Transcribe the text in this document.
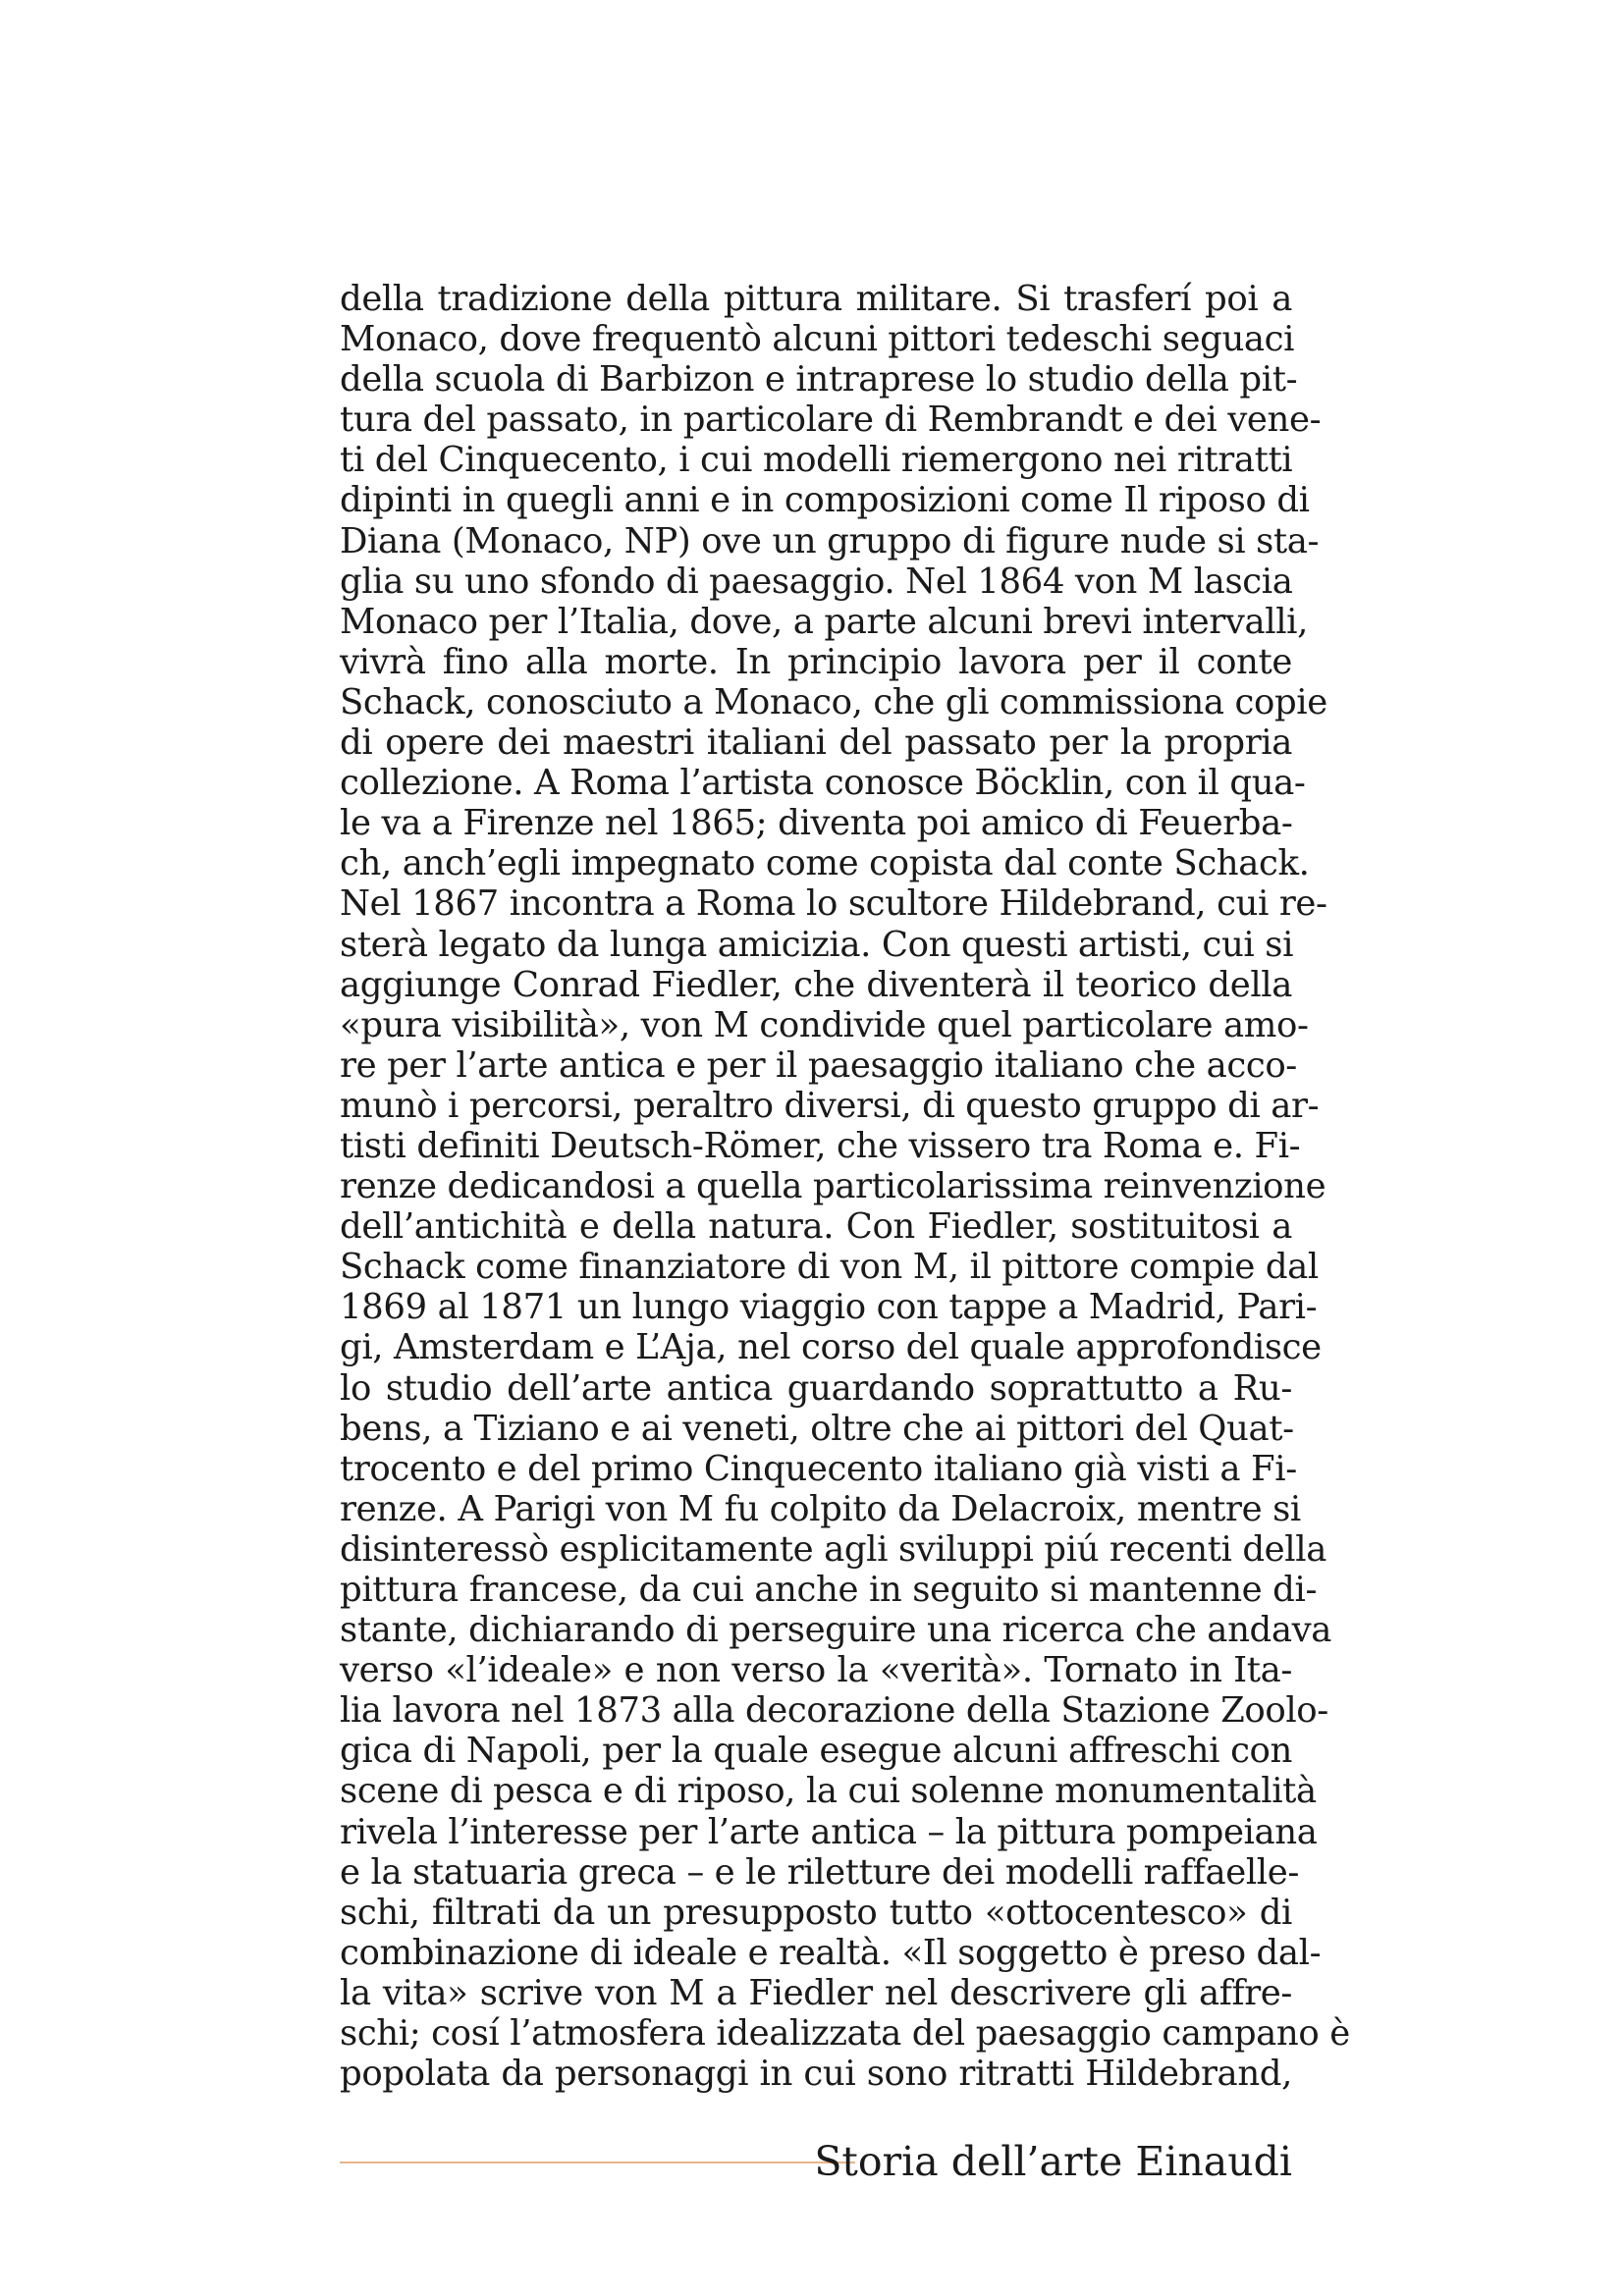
della tradizione della pittura militare. Si trasferí poi a
Monaco, dove frequentò alcuni pittori tedeschi seguaci
della scuola di Barbizon e intraprese lo studio della pit-
tura del passato, in particolare di Rembrandt e dei vene-
ti del Cinquecento, i cui modelli riemergono nei ritratti
dipinti in quegli anni e in composizioni come Il riposo di
Diana (Monaco, NP) ove un gruppo di figure nude si sta-
glia su uno sfondo di paesaggio. Nel 1864 von M lascia
Monaco per l’Italia, dove, a parte alcuni brevi intervalli,
vivrà fino alla morte. In principio lavora per il conte
Schack, conosciuto a Monaco, che gli commissiona copie
di opere dei maestri italiani del passato per la propria
collezione. A Roma l’artista conosce Böcklin, con il qua-
le va a Firenze nel 1865; diventa poi amico di Feuerba-
ch, anch’egli impegnato come copista dal conte Schack.
Nel 1867 incontra a Roma lo scultore Hildebrand, cui re-
sterà legato da lunga amicizia. Con questi artisti, cui si
aggiunge Conrad Fiedler, che diventerà il teorico della
«pura visibilità», von M condivide quel particolare amo-
re per l’arte antica e per il paesaggio italiano che acco-
munò i percorsi, peraltro diversi, di questo gruppo di ar-
tisti definiti Deutsch-Römer, che vissero tra Roma e. Fi-
renze dedicandosi a quella particolarissima reinvenzione
dell’antichità e della natura. Con Fiedler, sostituitosi a
Schack come finanziatore di von M, il pittore compie dal
1869 al 1871 un lungo viaggio con tappe a Madrid, Pari-
gi, Amsterdam e L’Aja, nel corso del quale approfondisce
lo studio dell’arte antica guardando soprattutto a Ru-
bens, a Tiziano e ai veneti, oltre che ai pittori del Quat-
trocento e del primo Cinquecento italiano già visti a Fi-
renze. A Parigi von M fu colpito da Delacroix, mentre si
disinteressò esplicitamente agli sviluppi piú recenti della
pittura francese, da cui anche in seguito si mantenne di-
stante, dichiarando di perseguire una ricerca che andava
verso «l’ideale» e non verso la «verità». Tornato in Ita-
lia lavora nel 1873 alla decorazione della Stazione Zoolo-
gica di Napoli, per la quale esegue alcuni affreschi con
scene di pesca e di riposo, la cui solenne monumentalità
rivela l’interesse per l’arte antica – la pittura pompeiana
e la statuaria greca – e le riletture dei modelli raffaelle-
schi, filtrati da un presupposto tutto «ottocentesco» di
combinazione di ideale e realtà. «Il soggetto è preso dal-
la vita» scrive von M a Fiedler nel descrivere gli affre-
schi; cosí l’atmosfera idealizzata del paesaggio campano è
popolata da personaggi in cui sono ritratti Hildebrand,
Storia dell’arte Einaudi
